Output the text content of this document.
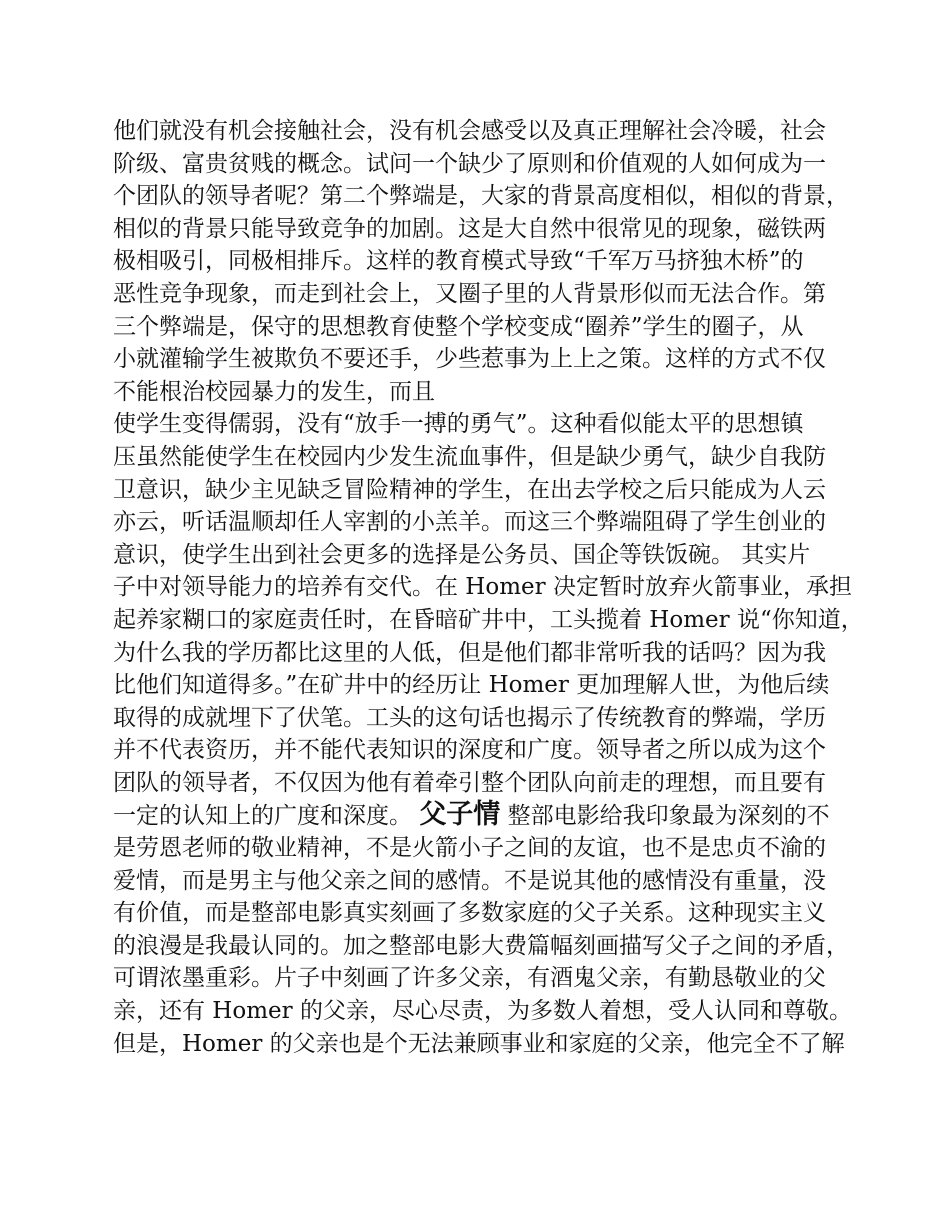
他们就没有机会接触社会，没有机会感受以及真正理解社会冷暖，社会
阶级、富贵贫贱的概念。试问一个缺少了原则和价值观的人如何成为一
个团队的领导者呢？第二个弊端是，大家的背景高度相似，相似的背景，
相似的背景只能导致竞争的加剧。这是大自然中很常见的现象，磁铁两
极相吸引，同极相排斥。这样的教育模式导致“千军万马挤独木桥”的
恶性竞争现象，而走到社会上，又圈子里的人背景形似而无法合作。第
三个弊端是，保守的思想教育使整个学校变成“圈养”学生的圈子，从
小就灌输学生被欺负不要还手，少些惹事为上上之策。这样的方式不仅
不能根治校园暴力的发生，而且
使学生变得儒弱，没有“放手一搏的勇气”。这种看似能太平的思想镇
压虽然能使学生在校园内少发生流血事件，但是缺少勇气，缺少自我防
卫意识，缺少主见缺乏冒险精神的学生，在出去学校之后只能成为人云
亦云，听话温顺却任人宰割的小羔羊。而这三个弊端阻碍了学生创业的
意识，使学生出到社会更多的选择是公务员、国企等铁饭碗。 其实片
子中对领导能力的培养有交代。在 Homer 决定暂时放弃火箭事业，承担
起养家糊口的家庭责任时，在昏暗矿井中，工头揽着 Homer 说“你知道，
为什么我的学历都比这里的人低，但是他们都非常听我的话吗？因为我
比他们知道得多。”在矿井中的经历让 Homer 更加理解人世，为他后续
取得的成就埋下了伏笔。工头的这句话也揭示了传统教育的弊端，学历
并不代表资历，并不能代表知识的深度和广度。领导者之所以成为这个
团队的领导者，不仅因为他有着牵引整个团队向前走的理想，而且要有
一定的认知上的广度和深度。 父子情 整部电影给我印象最为深刻的不
是劳恩老师的敬业精神，不是火箭小子之间的友谊，也不是忠贞不渝的
爱情，而是男主与他父亲之间的感情。不是说其他的感情没有重量，没
有价值，而是整部电影真实刻画了多数家庭的父子关系。这种现实主义
的浪漫是我最认同的。加之整部电影大费篇幅刻画描写父子之间的矛盾，
可谓浓墨重彩。片子中刻画了许多父亲，有酒鬼父亲，有勤恳敬业的父
亲，还有 Homer 的父亲，尽心尽责，为多数人着想，受人认同和尊敬。
但是，Homer 的父亲也是个无法兼顾事业和家庭的父亲，他完全不了解
